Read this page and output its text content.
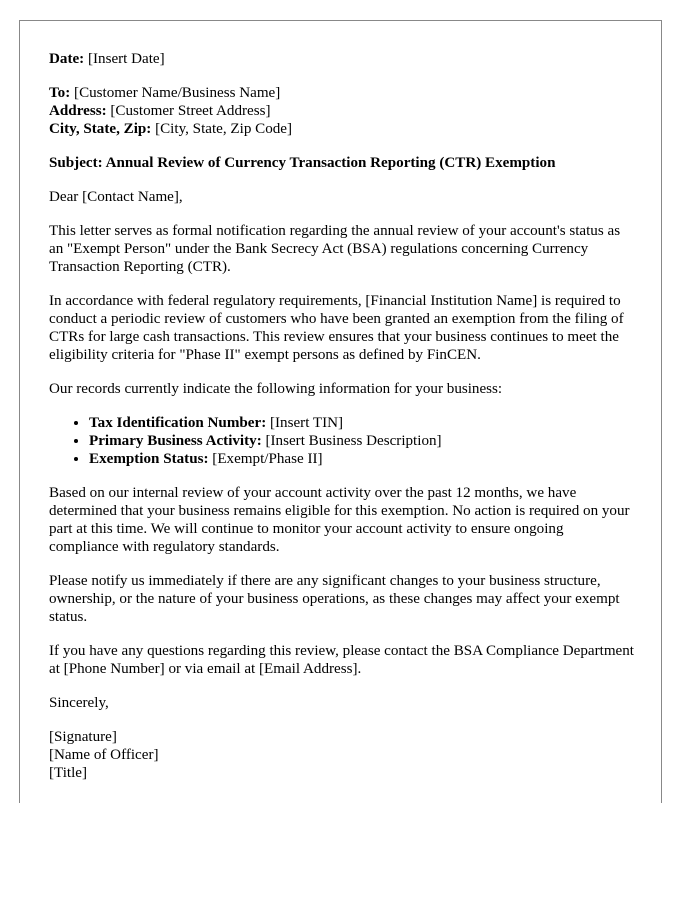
Date: [Insert Date]

To: [Customer Name/Business Name]
Address: [Customer Street Address]
City, State, Zip: [City, State, Zip Code]

Subject: Annual Review of Currency Transaction Reporting (CTR) Exemption

Dear [Contact Name],

This letter serves as formal notification regarding the annual review of your account's status as an "Exempt Person" under the Bank Secrecy Act (BSA) regulations concerning Currency Transaction Reporting (CTR).

In accordance with federal regulatory requirements, [Financial Institution Name] is required to conduct a periodic review of customers who have been granted an exemption from the filing of CTRs for large cash transactions. This review ensures that your business continues to meet the eligibility criteria for "Phase II" exempt persons as defined by FinCEN.

Our records currently indicate the following information for your business:

• Tax Identification Number: [Insert TIN]
• Primary Business Activity: [Insert Business Description]
• Exemption Status: [Exempt/Phase II]

Based on our internal review of your account activity over the past 12 months, we have determined that your business remains eligible for this exemption. No action is required on your part at this time. We will continue to monitor your account activity to ensure ongoing compliance with regulatory standards.

Please notify us immediately if there are any significant changes to your business structure, ownership, or the nature of your business operations, as these changes may affect your exempt status.

If you have any questions regarding this review, please contact the BSA Compliance Department at [Phone Number] or via email at [Email Address].

Sincerely,

[Signature]
[Name of Officer]
[Title]
